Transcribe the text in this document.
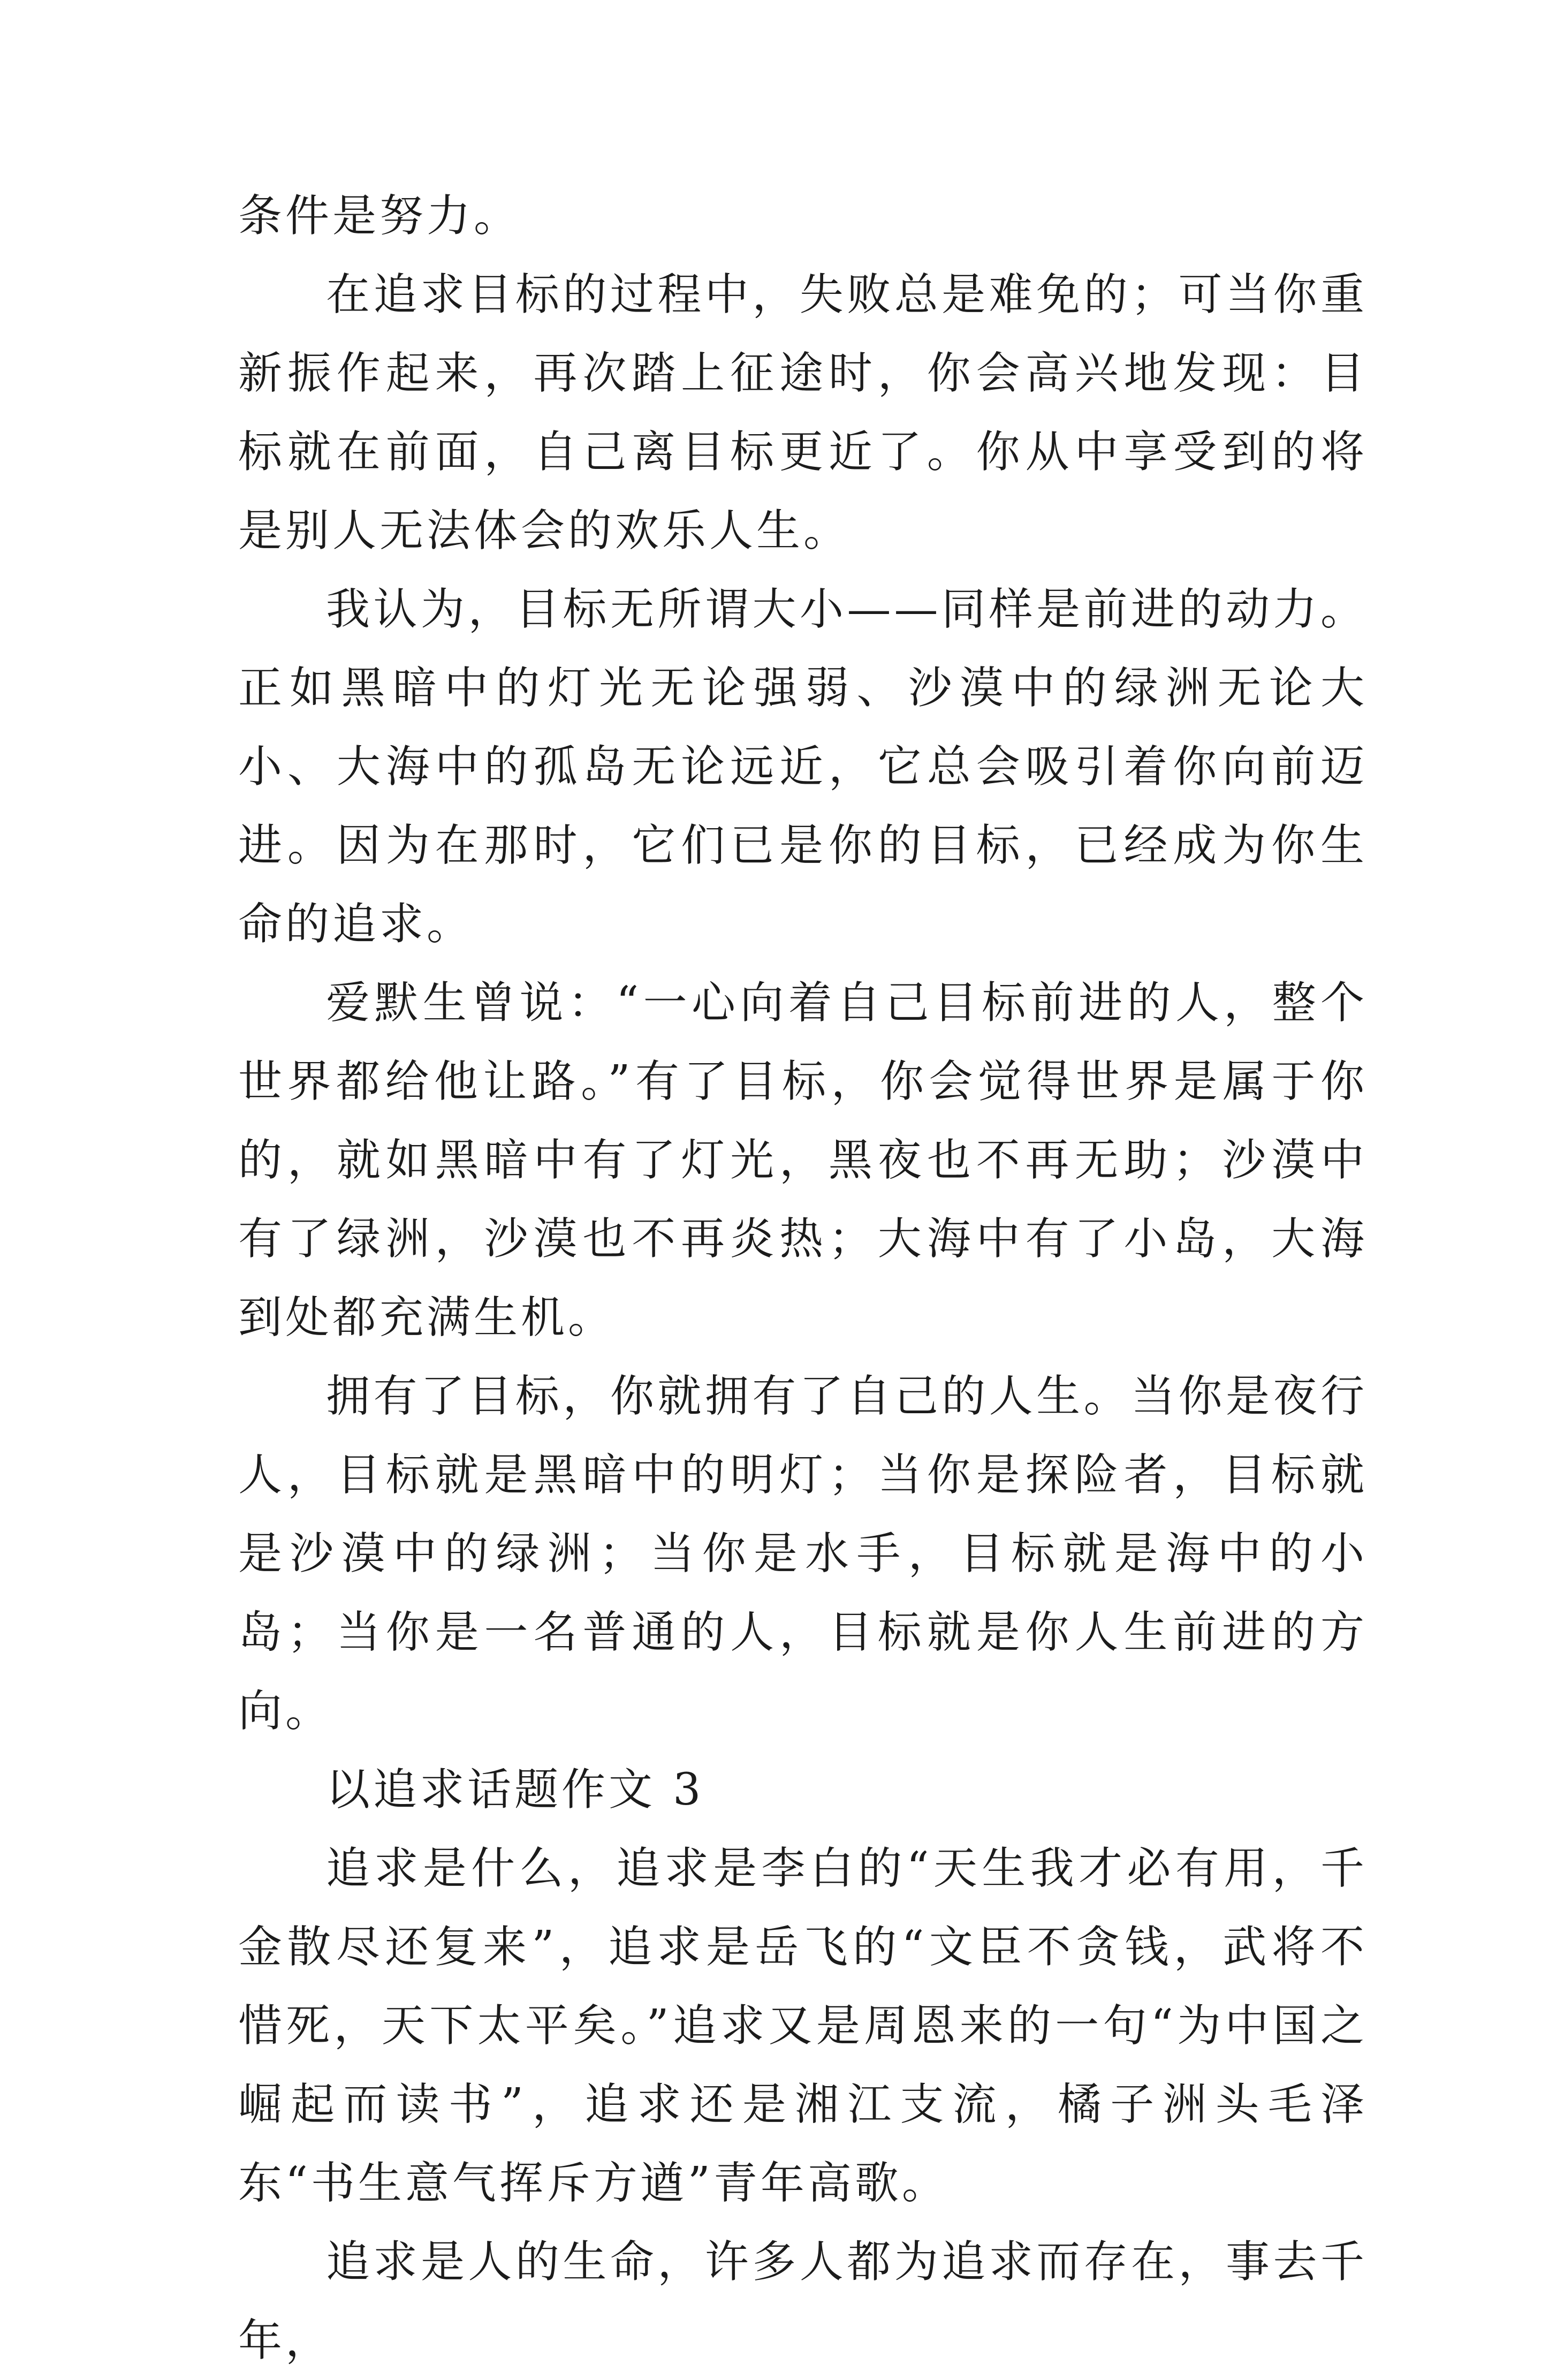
条件是努力。

在追求目标的过程中，失败总是难免的；可当你重新振作起来，再次踏上征途时，你会高兴地发现：目标就在前面，自己离目标更近了。你从中享受到的将是别人无法体会的欢乐人生。

我认为，目标无所谓大小——同样是前进的动力。正如黑暗中的灯光无论强弱、沙漠中的绿洲无论大小、大海中的孤岛无论远近，它总会吸引着你向前迈进。因为在那时，它们已是你的目标，已经成为你生命的追求。

爱默生曾说：“一心向着自己目标前进的人，整个世界都给他让路。”有了目标，你会觉得世界是属于你的，就如黑暗中有了灯光，黑夜也不再无助；沙漠中有了绿洲，沙漠也不再炎热；大海中有了小岛，大海到处都充满生机。

拥有了目标，你就拥有了自己的人生。当你是夜行人，目标就是黑暗中的明灯；当你是探险者，目标就是沙漠中的绿洲；当你是水手，目标就是海中的小岛；当你是一名普通的人，目标就是你人生前进的方向。

以追求话题作文 3

追求是什么，追求是李白的“天生我才必有用，千金散尽还复来”，追求是岳飞的“文臣不贪钱，武将不惜死，天下太平矣。”追求又是周恩来的一句“为中国之崛起而读书”，追求还是湘江支流，橘子洲头毛泽东“书生意气挥斥方遒”青年高歌。

追求是人的生命，许多人都为追求而存在，事去千年，
